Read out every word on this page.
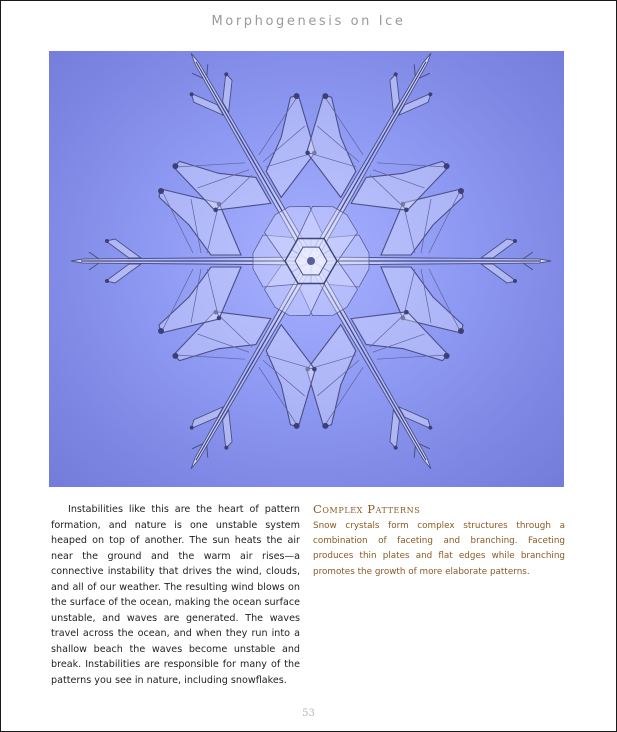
Morphogenesis on Ice

Instabilities like this are the heart of pattern formation, and nature is one unstable system heaped on top of another. The sun heats the air near the ground and the warm air rises—a connective instability that drives the wind, clouds, and all of our weather. The resulting wind blows on the surface of the ocean, making the ocean surface unstable, and waves are generated. The waves travel across the ocean, and when they run into a shallow beach the waves become unstable and break. Instabilities are responsible for many of the patterns you see in nature, including snowflakes.

Complex Patterns

Snow crystals form complex structures through a combination of faceting and branching. Faceting produces thin plates and flat edges while branching promotes the growth of more elaborate patterns.

53
